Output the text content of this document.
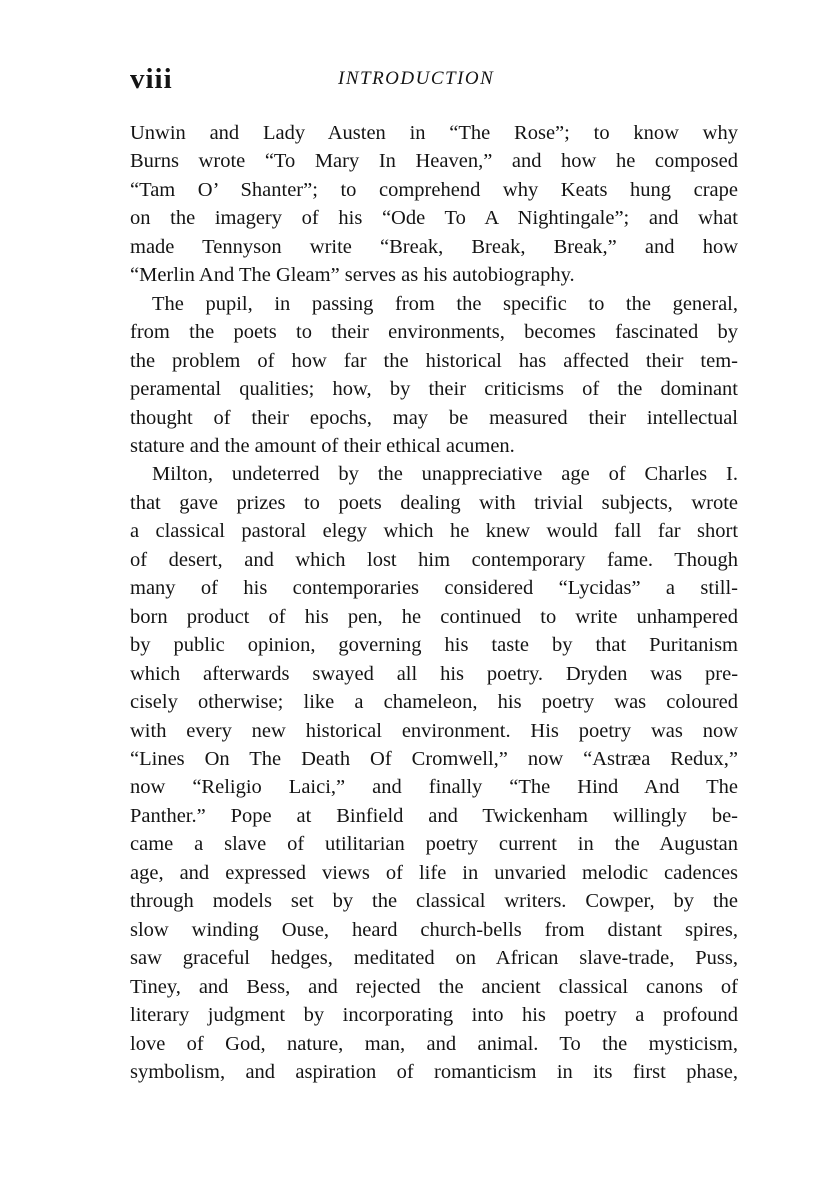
viii	INTRODUCTION
Unwin and Lady Austen in “The Rose”; to know why
Burns wrote “To Mary In Heaven,” and how he composed
“Tam O’ Shanter”; to comprehend why Keats hung crape
on the imagery of his “Ode To A Nightingale”; and what
made Tennyson write “Break, Break, Break,” and how
“Merlin And The Gleam” serves as his autobiography.
The pupil, in passing from the specific to the general,
from the poets to their environments, becomes fascinated by
the problem of how far the historical has affected their tem-
peramental qualities; how, by their criticisms of the dominant
thought of their epochs, may be measured their intellectual
stature and the amount of their ethical acumen.
Milton, undeterred by the unappreciative age of Charles I.
that gave prizes to poets dealing with trivial subjects, wrote
a classical pastoral elegy which he knew would fall far short
of desert, and which lost him contemporary fame. Though
many of his contemporaries considered “Lycidas” a still-
born product of his pen, he continued to write unhampered
by public opinion, governing his taste by that Puritanism
which afterwards swayed all his poetry. Dryden was pre-
cisely otherwise; like a chameleon, his poetry was coloured
with every new historical environment. His poetry was now
“Lines On The Death Of Cromwell,” now “Astræa Redux,”
now “Religio Laici,” and finally “The Hind And The
Panther.” Pope at Binfield and Twickenham willingly be-
came a slave of utilitarian poetry current in the Augustan
age, and expressed views of life in unvaried melodic cadences
through models set by the classical writers. Cowper, by the
slow winding Ouse, heard church-bells from distant spires,
saw graceful hedges, meditated on African slave-trade, Puss,
Tiney, and Bess, and rejected the ancient classical canons of
literary judgment by incorporating into his poetry a profound
love of God, nature, man, and animal. To the mysticism,
symbolism, and aspiration of romanticism in its first phase,
